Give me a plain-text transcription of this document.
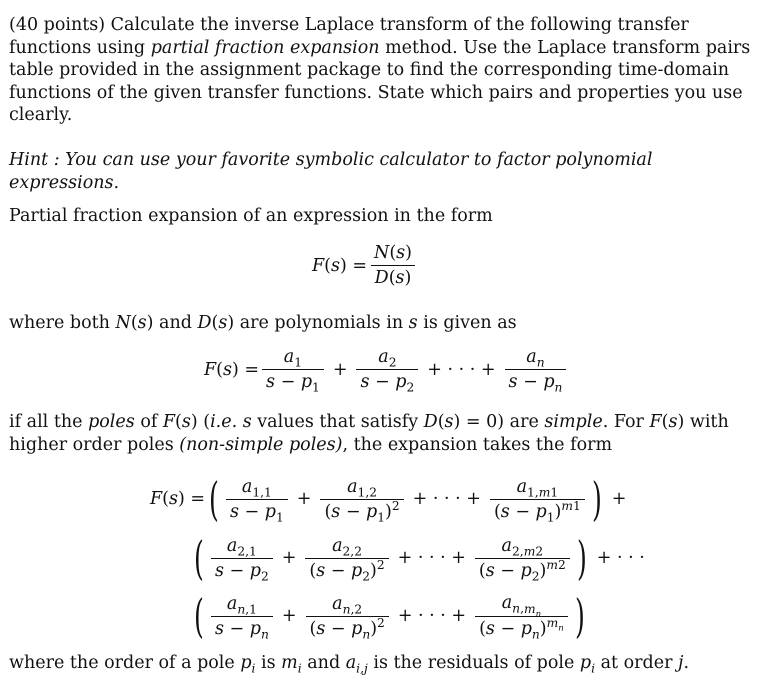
(40 points) Calculate the inverse Laplace transform of the following transfer functions using partial fraction expansion method. Use the Laplace transform pairs table provided in the assignment package to find the corresponding time-domain functions of the given transfer functions. State which pairs and properties you use clearly.
Hint : You can use your favorite symbolic calculator to factor polynomial expressions.
Partial fraction expansion of an expression in the form
$F(s) = \frac{N(s)}{D(s)}$
where both N(s) and D(s) are polynomials in s is given as
$F(s) = \frac{a_1}{s - p_1} + \frac{a_2}{s - p_2}$ + · · · + $\frac{a_n}{s - p_n}$
if all the poles of F(s) (i.e. s values that satisfy D(s) = 0) are simple. For F(s) with higher order poles (non-simple poles), the expansion takes the form
F(s) = ( $\frac{a_{1,1}}{s - p_1} + \frac{a_{1,2}}{(s - p_1)^2}$ + · · · + $\frac{a_{1,m1}}{(s - p_1)^{m1}}$ ) +
( $\frac{a_{2,1}}{s - p_2} + \frac{a_{2,2}}{(s - p_2)^2}$ + · · · + $\frac{a_{2,m2}}{(s - p_2)^{m2}}$ ) + · · ·
( $\frac{a_{n,1}}{s - p_n} + \frac{a_{n,2}}{(s - p_n)^2}$ + · · · + $\frac{a_{n,m_n}}{(s - p_n)^{m_n}}$ )
where the order of a pole $p_i$ is $m_i$ and $a_{i,j}$ is the residuals of pole $p_i$ at order j.
